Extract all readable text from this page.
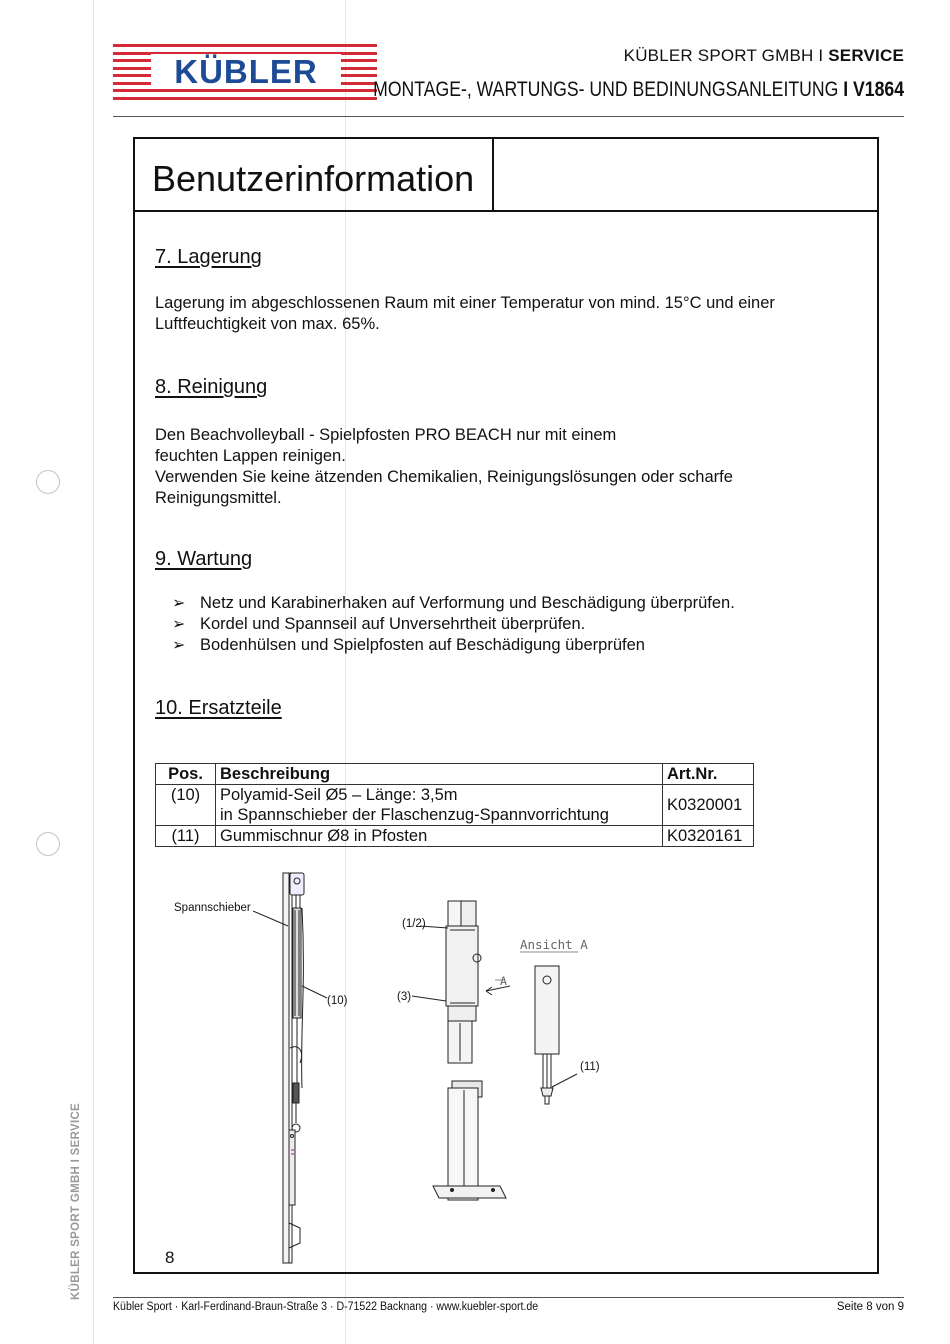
KÜBLER	KÜBLER SPORT GMBH I SERVICE
MONTAGE-, WARTUNGS- UND BEDINUNGSANLEITUNG I V1864
Benutzerinformation
7. Lagerung

Lagerung im abgeschlossenen Raum mit einer Temperatur von mind. 15°C und einer Luftfeuchtigkeit von max. 65%.

8. Reinigung

Den Beachvolleyball - Spielpfosten PRO BEACH nur mit einem
feuchten Lappen reinigen.
Verwenden Sie keine ätzenden Chemikalien, Reinigungslösungen oder scharfe
Reinigungsmittel.

9. Wartung
➢ Netz und Karabinerhaken auf Verformung und Beschädigung überprüfen.
➢ Kordel und Spannseil auf Unversehrtheit überprüfen.
➢ Bodenhülsen und Spielpfosten auf Beschädigung überprüfen
10. Ersatzteile
Pos.	Beschreibung	Art.Nr.
(10)	Polyamid-Seil Ø5 – Länge: 3,5m
in Spannschieber der Flaschenzug-Spannvorrichtung	K0320001
(11)	Gummischnur Ø8 in Pfosten	K0320161
Spannschieber
(10)
(1/2)
(3)
Ansicht A
A
(11)
8
Kübler Sport · Karl-Ferdinand-Braun-Straße 3 · D-71522 Backnang · www.kuebler-sport.de	Seite 8 von 9
KÜBLER SPORT GMBH I SERVICE
